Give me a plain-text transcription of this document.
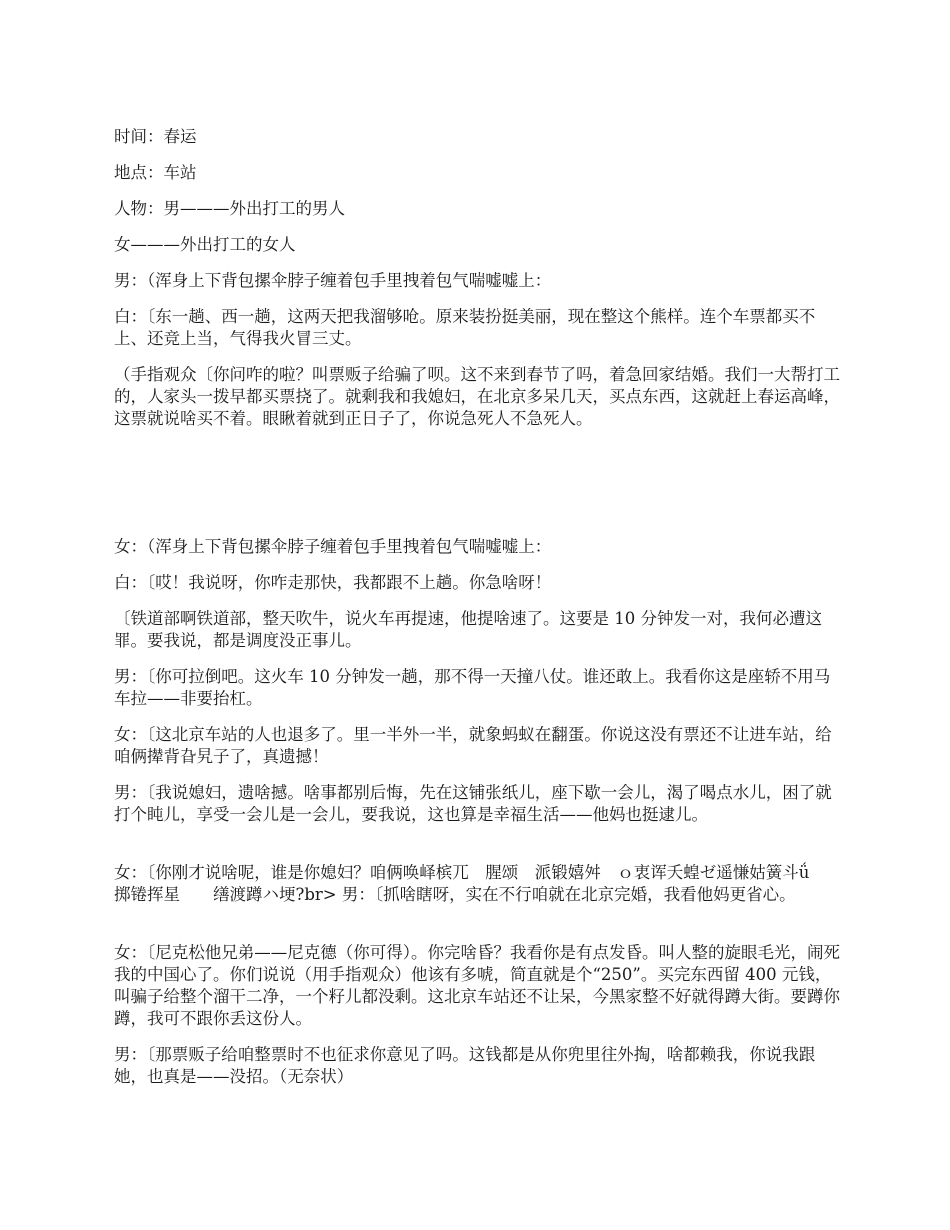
时间：春运

地点：车站

人物：男———外出打工的男人

女———外出打工的女人

男：（浑身上下背包摞伞脖子缠着包手里拽着包气喘嘘嘘上：

白：〔东一趟、西一趟，这两天把我溜够呛。原来装扮挺美丽，现在整这个熊样。连个车票都买不上、还竞上当，气得我火冒三丈。

（手指观众〔你问咋的啦？叫票贩子给骗了呗。这不来到春节了吗，着急回家结婚。我们一大帮打工的，人家头一拨早都买票挠了。就剩我和我媳妇，在北京多呆几天，买点东西，这就赶上春运高峰，这票就说啥买不着。眼瞅着就到正日子了，你说急死人不急死人。

女：（浑身上下背包摞伞脖子缠着包手里拽着包气喘嘘嘘上：

白：〔哎！我说呀，你咋走那快，我都跟不上趟。你急啥呀！

〔铁道部啊铁道部，整天吹牛，说火车再提速，他提啥速了。这要是 10 分钟发一对，我何必遭这罪。要我说，都是调度没正事儿。

男：〔你可拉倒吧。这火车 10 分钟发一趟，那不得一天撞八仗。谁还敢上。我看你这是座轿不用马车拉——非要抬杠。

女：〔这北京车站的人也退多了。里一半外一半，就象蚂蚁在翻蛋。你说这没有票还不让进车站，给咱俩撵背旮旯子了，真遗撼！

男：〔我说媳妇，遗啥撼。啥事都别后悔，先在这铺张纸儿，座下歇一会儿，渴了喝点水儿，困了就打个盹儿，享受一会儿是一会儿，要我说，这也算是幸福生活——他妈也挺逮儿。

女：〔你刚才说啥呢，谁是你媳妇？咱俩唤峄槟兀　腥颂　派锻嬉舛　ｏ衷诨夭蝗ゼ遥慊姑簧斗ǘ　　掷锩挥星　　缮渡蹲ハ埂?br> 男：〔抓啥瞎呀，实在不行咱就在北京完婚，我看他妈更省心。

女：〔尼克松他兄弟——尼克德（你可得）。你完啥昏？我看你是有点发昏。叫人整的旋眼毛光，闹死我的中国心了。你们说说（用手指观众）他该有多唬，简直就是个“250”。买完东西留 400 元钱，叫骗子给整个溜干二净，一个籽儿都没剩。这北京车站还不让呆，今黑家整不好就得蹲大街。要蹲你蹲，我可不跟你丢这份人。

男：〔那票贩子给咱整票时不也征求你意见了吗。这钱都是从你兜里往外掏，啥都赖我，你说我跟她，也真是——没招。（无奈状）
